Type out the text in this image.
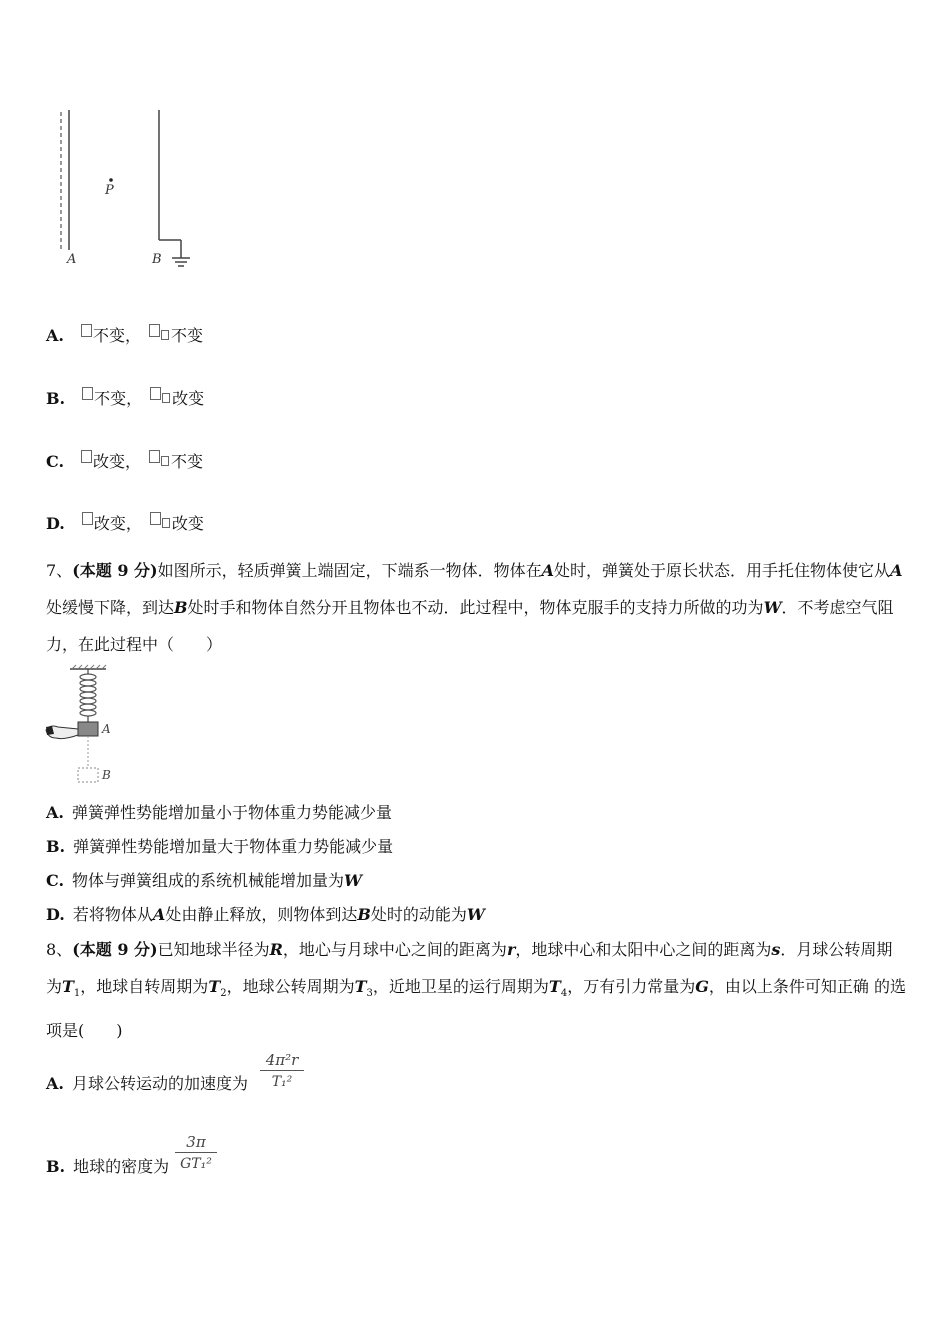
P
A	B
A. 不变， 不变
B. 不变， 改变
C. 改变， 不变
D. 改变， 改变
7、(本题 9 分)如图所示，轻质弹簧上端固定，下端系一物体．物体在A处时，弹簧处于原长状态．用手托住物体使它从A处缓慢下降，到达B处时手和物体自然分开且物体也不动．此过程中，物体克服手的支持力所做的功为W．不考虑空气阻力，在此过程中（　　）
A
B
A. 弹簧弹性势能增加量小于物体重力势能减少量
B. 弹簧弹性势能增加量大于物体重力势能减少量
C. 物体与弹簧组成的系统机械能增加量为W
D. 若将物体从A处由静止释放，则物体到达B处时的动能为W
8、(本题 9 分)已知地球半径为R，地心与月球中心之间的距离为r，地球中心和太阳中心之间的距离为s．月球公转周期为$T_1$，地球自转周期为$T_2$，地球公转周期为$T_3$，近地卫星的运行周期为$T_4$，万有引力常量为G，由以上条件可知正确 的选项是(　　)
A. 月球公转运动的加速度为
4π²r
T₁²
B. 地球的密度为
3π
GT₁²
